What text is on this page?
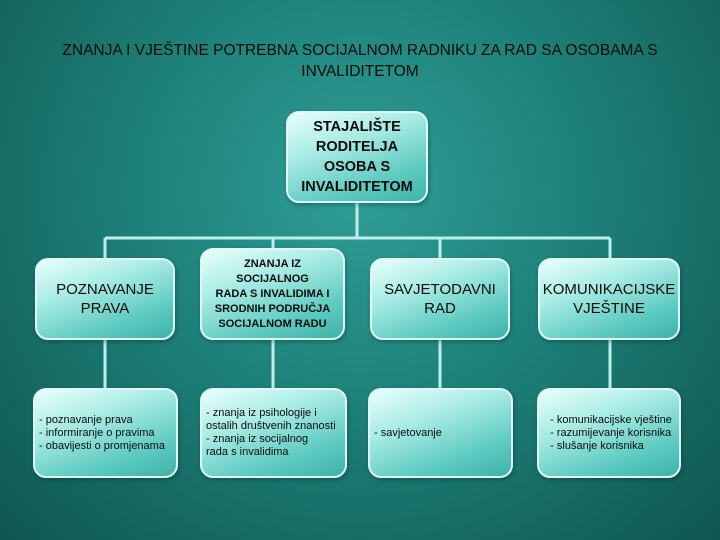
ZNANJA I VJEŠTINE POTREBNA SOCIJALNOM RADNIKU ZA RAD SA OSOBAMA S INVALIDITETOM
STAJALIŠTE
RODITELJA
OSOBA S
INVALIDITETOM
POZNAVANJE
PRAVA
ZNANJA IZ
SOCIJALNOG
RADA S INVALIDIMA I
SRODNIH PODRUČJA
SOCIJALNOM RADU
SAVJETODAVNI
RAD
KOMUNIKACIJSKE
VJEŠTINE
- poznavanje prava
- informiranje o pravima
- obavijesti o promjenama
- znanja iz psihologije i
ostalih društvenih znanosti
- znanja iz socijalnog
rada s invalidima
- savjetovanje
- komunikacijske vještine
- razumijevanje korisnika
- slušanje korisnika
